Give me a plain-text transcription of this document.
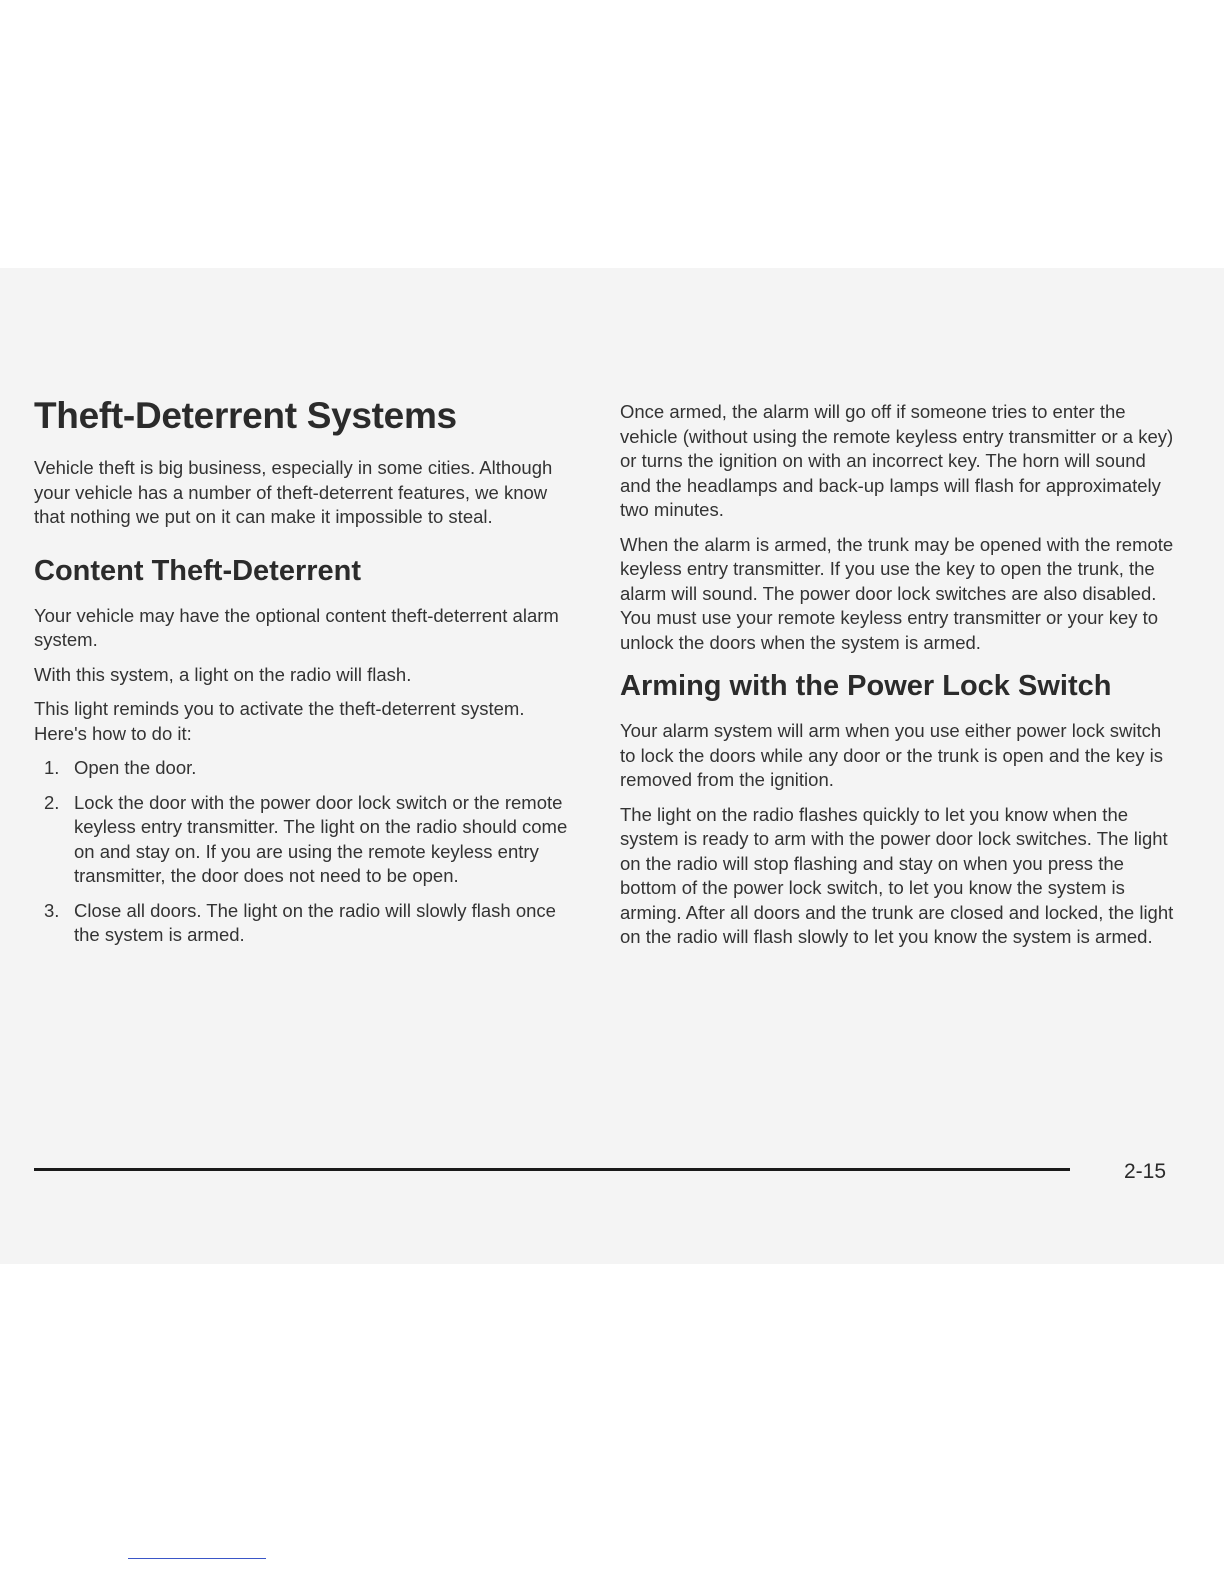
Theft-Deterrent Systems

Vehicle theft is big business, especially in some cities. Although your vehicle has a number of theft-deterrent features, we know that nothing we put on it can make it impossible to steal.

Content Theft-Deterrent

Your vehicle may have the optional content theft-deterrent alarm system.

With this system, a light on the radio will flash.

This light reminds you to activate the theft-deterrent system. Here's how to do it:

1. Open the door.
2. Lock the door with the power door lock switch or the remote keyless entry transmitter. The light on the radio should come on and stay on. If you are using the remote keyless entry transmitter, the door does not need to be open.
3. Close all doors. The light on the radio will slowly flash once the system is armed.

Once armed, the alarm will go off if someone tries to enter the vehicle (without using the remote keyless entry transmitter or a key) or turns the ignition on with an incorrect key. The horn will sound and the headlamps and back-up lamps will flash for approximately two minutes.

When the alarm is armed, the trunk may be opened with the remote keyless entry transmitter. If you use the key to open the trunk, the alarm will sound. The power door lock switches are also disabled. You must use your remote keyless entry transmitter or your key to unlock the doors when the system is armed.

Arming with the Power Lock Switch

Your alarm system will arm when you use either power lock switch to lock the doors while any door or the trunk is open and the key is removed from the ignition.

The light on the radio flashes quickly to let you know when the system is ready to arm with the power door lock switches. The light on the radio will stop flashing and stay on when you press the bottom of the power lock switch, to let you know the system is arming. After all doors and the trunk are closed and locked, the light on the radio will flash slowly to let you know the system is armed.

2-15
